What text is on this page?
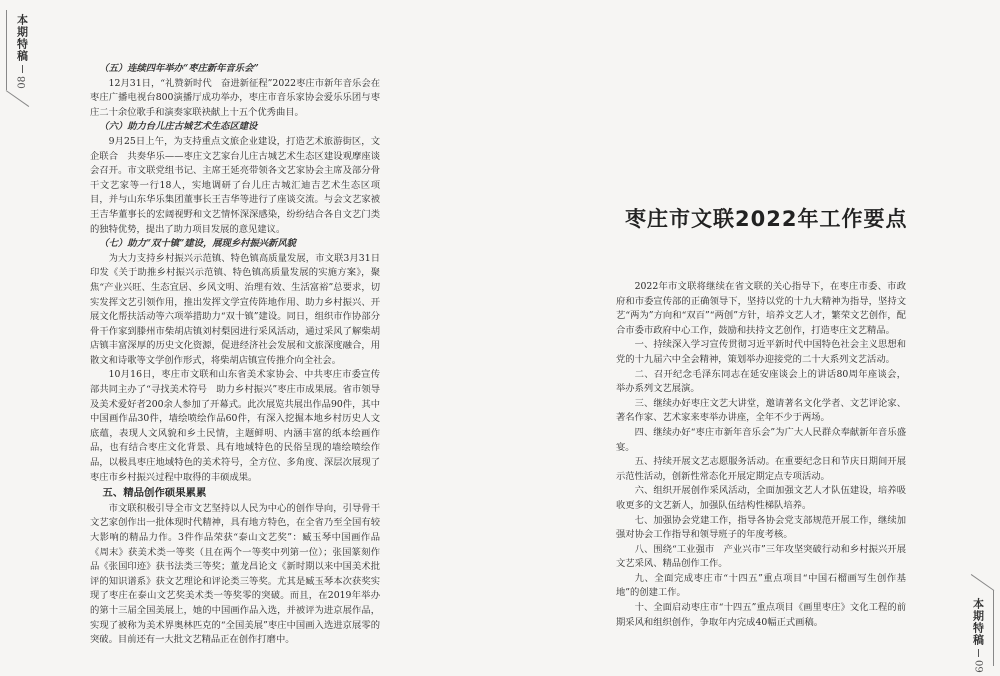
本期特稿
08

（五）连续四年举办“枣庄新年音乐会”

12月31日，“礼赞新时代　奋进新征程”2022枣庄市新年音乐会在枣庄广播电视台800演播厅成功举办，枣庄市音乐家协会爱乐乐团与枣庄二十余位歌手和演奏家联袂献上十五个优秀曲目。

（六）助力台儿庄古城艺术生态区建设

9月25日上午，为支持重点文旅企业建设，打造艺术旅游街区，文企联合　共奏华乐——枣庄文艺家台儿庄古城艺术生态区建设观摩座谈会召开。市文联党组书记、主席王延亮带领各文艺家协会主席及部分骨干文艺家等一行18人，实地调研了台儿庄古城汇迪吉艺术生态区项目，并与山东华乐集团董事长王吉华等进行了座谈交流。与会文艺家被王吉华董事长的宏阔视野和文艺情怀深深感染，纷纷结合各自文艺门类的独特优势，提出了助力项目发展的意见建议。

（七）助力“双十镇”建设，展现乡村振兴新风貌

为大力支持乡村振兴示范镇、特色镇高质量发展，市文联3月31日印发《关于助推乡村振兴示范镇、特色镇高质量发展的实施方案》，聚焦“产业兴旺、生态宜居、乡风文明、治理有效、生活富裕”总要求，切实发挥文艺引领作用，推出发挥文学宣传阵地作用、助力乡村振兴、开展文化帮扶活动等六项举措助力“双十镇”建设。同日，组织市作协部分骨干作家到滕州市柴胡店镇刘村梨园进行采风活动，通过采风了解柴胡店镇丰富深厚的历史文化资源，促进经济社会发展和文旅深度融合，用散文和诗歌等文学创作形式，将柴胡店镇宣传推介向全社会。

10月16日，枣庄市文联和山东省美术家协会、中共枣庄市委宣传部共同主办了“寻找美术符号　助力乡村振兴”枣庄市成果展。省市领导及美术爱好者200余人参加了开幕式。此次展览共展出作品90件，其中中国画作品30件，墙绘喷绘作品60件，有深入挖掘本地乡村历史人文底蕴，表现人文风貌和乡土民情，主题鲜明、内涵丰富的纸本绘画作品，也有结合枣庄文化背景、具有地域特色的民俗呈现的墙绘喷绘作品，以极具枣庄地域特色的美术符号，全方位、多角度、深层次展现了枣庄市乡村振兴过程中取得的丰硕成果。

五、精品创作硕果累累

市文联积极引导全市文艺坚持以人民为中心的创作导向，引导骨干文艺家创作出一批体现时代精神，具有地方特色，在全省乃至全国有较大影响的精品力作。3件作品荣获“泰山文艺奖”：臧玉琴中国画作品《周末》获美术类一等奖（且在两个一等奖中列第一位）；张国篆刻作品《张国印迹》获书法类三等奖；董龙昌论文《新时期以来中国美术批评的知识谱系》获文艺理论和评论类三等奖。尤其是臧玉琴本次获奖实现了枣庄在泰山文艺奖美术类一等奖零的突破。而且，在2019年举办的第十三届全国美展上，她的中国画作品入选，并被评为进京展作品，实现了被称为美术界奥林匹克的“全国美展”枣庄中国画入选进京展零的突破。目前还有一大批文艺精品正在创作打磨中。	本期特稿
09
枣庄市文联2022年工作要点

2022年市文联将继续在省文联的关心指导下，在枣庄市委、市政府和市委宣传部的正确领导下，坚持以党的十九大精神为指导，坚持文艺“两为”方向和“双百”“两创”方针，培养文艺人才，繁荣文艺创作，配合市委市政府中心工作，鼓励和扶持文艺创作，打造枣庄文艺精品。

一、持续深入学习宣传贯彻习近平新时代中国特色社会主义思想和党的十九届六中全会精神，策划举办迎接党的二十大系列文艺活动。

二、召开纪念毛泽东同志在延安座谈会上的讲话80周年座谈会，举办系列文艺展演。

三、继续办好枣庄文艺大讲堂，邀请著名文化学者、文艺评论家、著名作家、艺术家来枣举办讲座，全年不少于两场。

四、继续办好“枣庄市新年音乐会”为广大人民群众奉献新年音乐盛宴。

五、持续开展文艺志愿服务活动。在重要纪念日和节庆日期间开展示范性活动，创新性常态化开展定期定点专项活动。

六、组织开展创作采风活动，全面加强文艺人才队伍建设，培养吸收更多的文艺新人，加强队伍结构性梯队培养。

七、加强协会党建工作，指导各协会党支部规范开展工作，继续加强对协会工作指导和领导班子的年度考核。

八、围绕“工业强市　产业兴市”三年攻坚突破行动和乡村振兴开展文艺采风、精品创作工作。

九、全面完成枣庄市“十四五”重点项目“中国石榴画写生创作基地”的创建工作。

十、全面启动枣庄市“十四五”重点项目《画里枣庄》文化工程的前期采风和组织创作，争取年内完成40幅正式画稿。
